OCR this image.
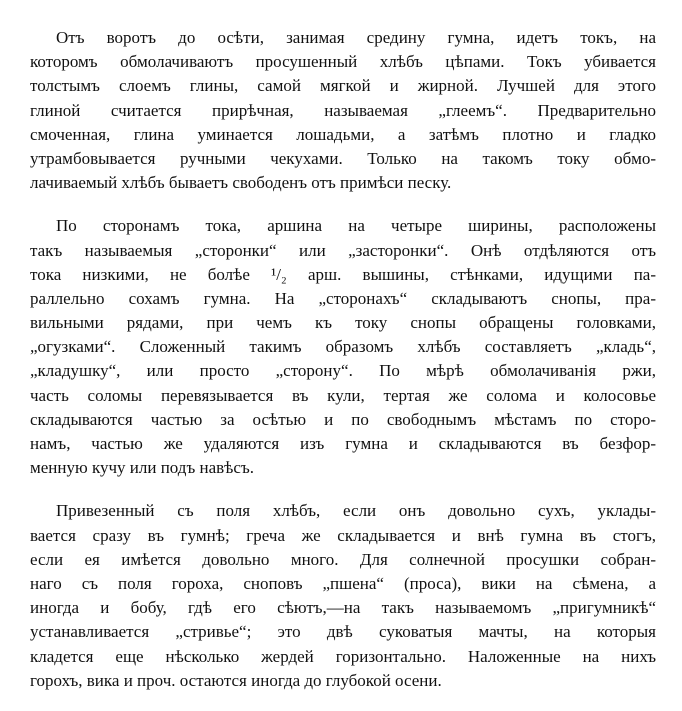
Отъ воротъ до осѣти, занимая средину гумна, идетъ токъ, на
которомъ обмолачиваютъ просушенный хлѣбъ цѣпами. Токъ убивается
толстымъ слоемъ глины, самой мягкой и жирной. Лучшей для этого
глиной считается приpѣчная, называемая „глеемъ“. Предварительно
смоченная, глина уминается лошадьми, а затѣмъ плотно и гладко
утрамбовывается ручными чекухами. Только на такомъ току обмо-
лачиваемый хлѣбъ бываетъ свободенъ отъ примѣси песку.
По сторонамъ тока, аршина на четыре ширины, расположены
такъ называемыя „сторонки“ или „засторонки“. Онѣ отдѣляются отъ
тока низкими, не болѣе ¹/₂ арш. вышины, стѣнками, идущими па-
раллельно сохамъ гумна. На „сторонахъ“ складываютъ снопы, пра-
вильными рядами, при чемъ къ току снопы обращены головками,
„огузками“. Сложенный такимъ образомъ хлѣбъ составляетъ „кладь“,
„кладушку“, или просто „сторону“. По мѣрѣ обмолачиванія ржи,
часть соломы перевязывается въ кули, тертая же солома и колосовье
складываются частью за осѣтью и по свободнымъ мѣстамъ по сторо-
намъ, частью же удаляются изъ гумна и складываются въ безфор-
менную кучу или подъ навѣсъ.
Привезенный съ поля хлѣбъ, если онъ довольно сухъ, уклады-
вается сразу въ гумнѣ; греча же складывается и внѣ гумна въ стогъ,
если ея имѣется довольно много. Для солнечной просушки собран-
наго съ поля гороха, сноповъ „пшена“ (проса), вики на сѣмена, а
иногда и бобу, гдѣ его сѣютъ,—на такъ называемомъ „пригумникѣ“
устанавливается „стривье“; это двѣ суковатыя мачты, на которыя
кладется еще нѣсколько жердей горизонтально. Наложенные на нихъ
горохъ, вика и проч. остаются иногда до глубокой осени.
